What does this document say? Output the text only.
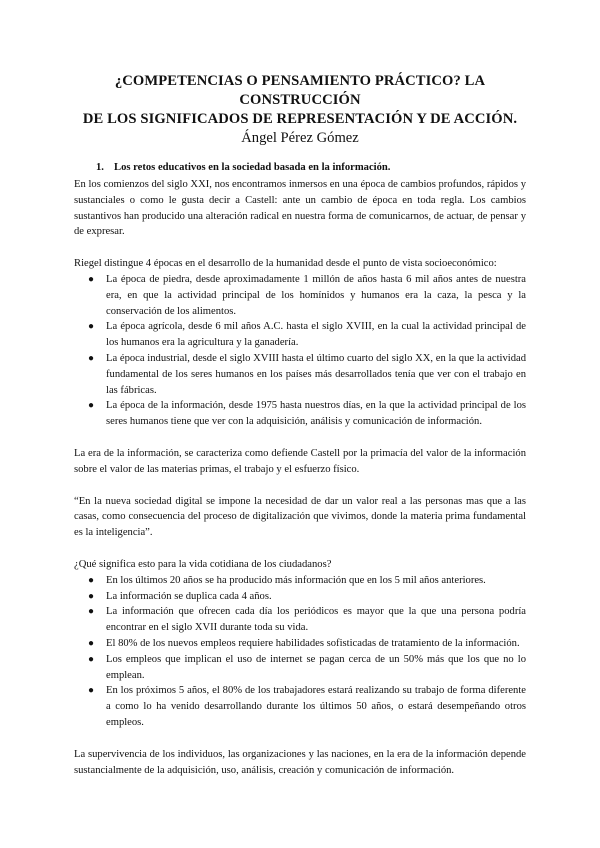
¿COMPETENCIAS O PENSAMIENTO PRÁCTICO? LA CONSTRUCCIÓN
DE LOS SIGNIFICADOS DE REPRESENTACIÓN Y DE ACCIÓN.
Ángel Pérez Gómez
1. Los retos educativos en la sociedad basada en la información.

En los comienzos del siglo XXI, nos encontramos inmersos en una época de cambios profundos, rápidos y sustanciales o como le gusta decir a Castell: ante un cambio de época en toda regla. Los cambios sustantivos han producido una alteración radical en nuestra forma de comunicarnos, de actuar, de pensar y de expresar.

Riegel distingue 4 épocas en el desarrollo de la humanidad desde el punto de vista socioeconómico:

● La época de piedra, desde aproximadamente 1 millón de años hasta 6 mil años antes de nuestra era, en que la actividad principal de los homínidos y humanos era la caza, la pesca y la conservación de los alimentos.
● La época agrícola, desde 6 mil años A.C. hasta el siglo XVIII, en la cual la actividad principal de los humanos era la agricultura y la ganadería.
● La época industrial, desde el siglo XVIII hasta el último cuarto del siglo XX, en la que la actividad fundamental de los seres humanos en los países más desarrollados tenía que ver con el trabajo en las fábricas.
● La época de la información, desde 1975 hasta nuestros días, en la que la actividad principal de los seres humanos tiene que ver con la adquisición, análisis y comunicación de información.

La era de la información, se caracteriza como defiende Castell por la primacía del valor de la información sobre el valor de las materias primas, el trabajo y el esfuerzo físico.

“En la nueva sociedad digital se impone la necesidad de dar un valor real a las personas mas que a las casas, como consecuencia del proceso de digitalización que vivimos, donde la materia prima fundamental es la inteligencia”.

¿Qué significa esto para la vida cotidiana de los ciudadanos?

● En los últimos 20 años se ha producido más información que en los 5 mil años anteriores.
● La información se duplica cada 4 años.
● La información que ofrecen cada día los periódicos es mayor que la que una persona podría encontrar en el siglo XVII durante toda su vida.
● El 80% de los nuevos empleos requiere habilidades sofisticadas de tratamiento de la información.
● Los empleos que implican el uso de internet se pagan cerca de un 50% más que los que no lo emplean.
● En los próximos 5 años, el 80% de los trabajadores estará realizando su trabajo de forma diferente a como lo ha venido desarrollando durante los últimos 50 años, o estará desempeñando otros empleos.

La supervivencia de los individuos, las organizaciones y las naciones, en la era de la información depende sustancialmente de la adquisición, uso, análisis, creación y comunicación de información.
